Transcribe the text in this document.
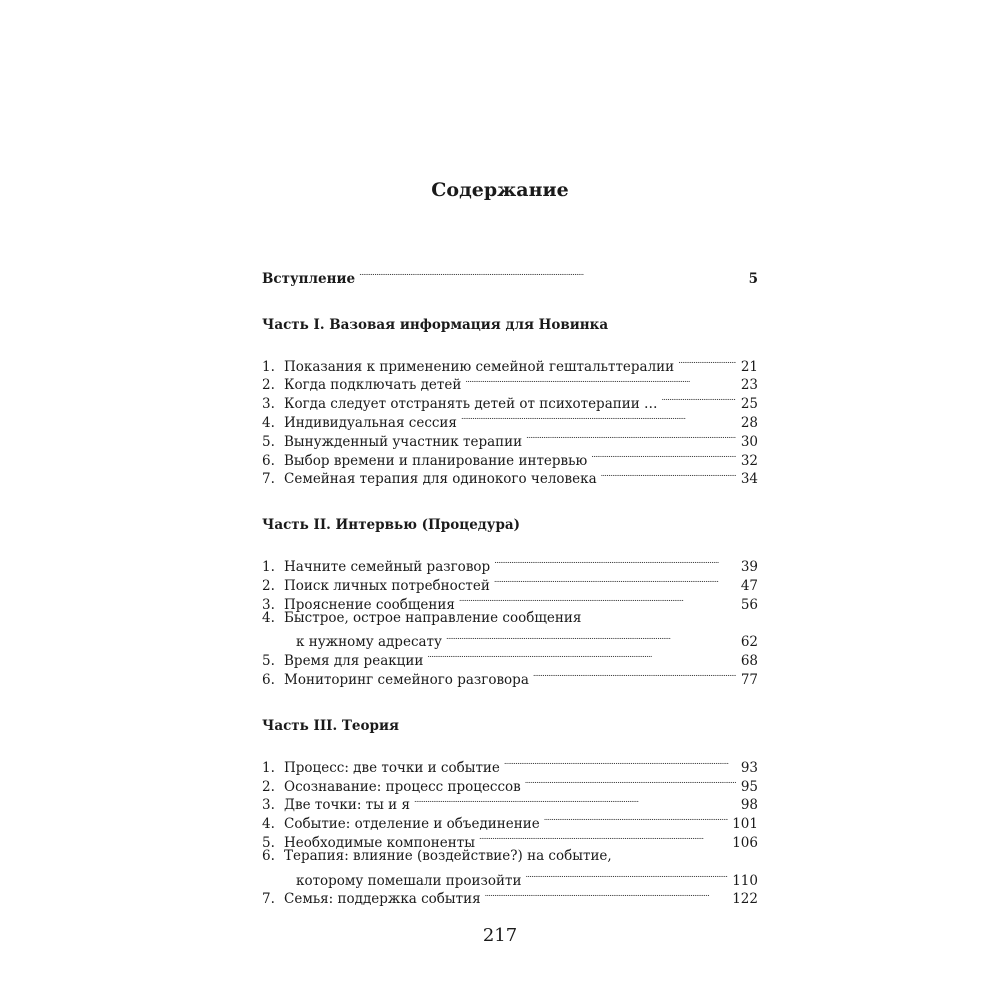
Содержание
Вступление . . .	5
Часть I. Вазовая информация для Новинка
1. Показания к применению семейной гештальттералии . . .	21
2. Когда подключать детей . . .	23
3. Когда следует отстранять детей от психотерапии … . . .	25
4. Индивидуальная сессия . . .	28
5. Вынужденный участник терапии . . .	30
6. Выбор времени и планирование интервью . . .	32
7. Семейная терапия для одинокого человека . . .	34
Часть II. Интервью (Процедура)
1. Начните семейный разговор . . .	39
2. Поиск личных потребностей . . .	47
3. Прояснение сообщения . . .	56
4. Быстрое, острое направление сообщения
к нужному адресату . . .	62
5. Время для реакции . . .	68
6. Мониторинг семейного разговора . . .	77
Часть III. Теория
1. Процесс: две точки и событие . . .	93
2. Осознавание: процесс процессов . . .	95
3. Две точки: ты и я . . .	98
4. Событие: отделение и объединение . . .	101
5. Необходимые компоненты . . .	106
6. Терапия: влияние (воздействие?) на событие,
которому помешали произойти . . .	110
7. Семья: поддержка события . . .	122
217
